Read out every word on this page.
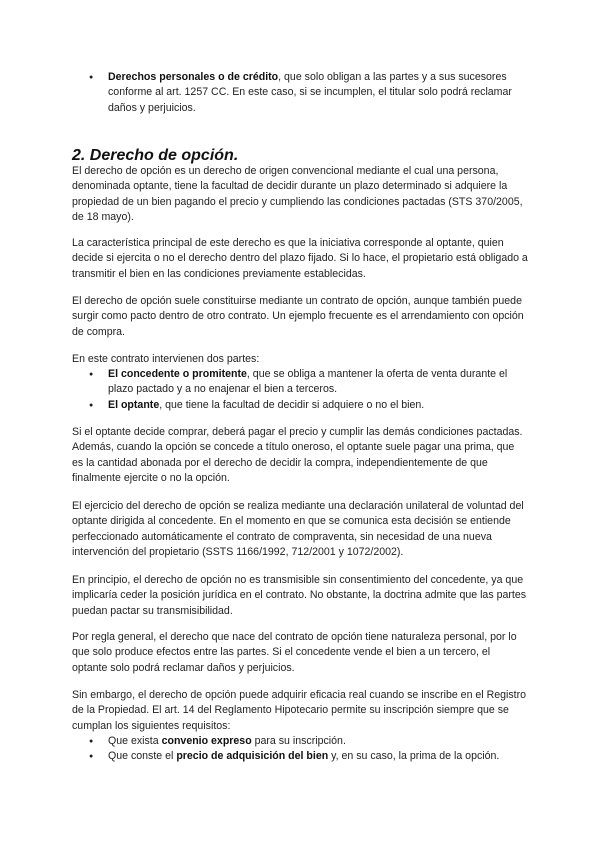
● Derechos personales o de crédito, que solo obligan a las partes y a sus sucesores conforme al art. 1257 CC. En este caso, si se incumplen, el titular solo podrá reclamar daños y perjuicios.
2. Derecho de opción.

El derecho de opción es un derecho de origen convencional mediante el cual una persona, denominada optante, tiene la facultad de decidir durante un plazo determinado si adquiere la propiedad de un bien pagando el precio y cumpliendo las condiciones pactadas (STS 370/2005, de 18 mayo).

La característica principal de este derecho es que la iniciativa corresponde al optante, quien decide si ejercita o no el derecho dentro del plazo fijado. Si lo hace, el propietario está obligado a transmitir el bien en las condiciones previamente establecidas.

El derecho de opción suele constituirse mediante un contrato de opción, aunque también puede surgir como pacto dentro de otro contrato. Un ejemplo frecuente es el arrendamiento con opción de compra.

En este contrato intervienen dos partes:

● El concedente o promitente, que se obliga a mantener la oferta de venta durante el plazo pactado y a no enajenar el bien a terceros.
● El optante, que tiene la facultad de decidir si adquiere o no el bien.

Si el optante decide comprar, deberá pagar el precio y cumplir las demás condiciones pactadas. Además, cuando la opción se concede a título oneroso, el optante suele pagar una prima, que es la cantidad abonada por el derecho de decidir la compra, independientemente de que finalmente ejercite o no la opción.

El ejercicio del derecho de opción se realiza mediante una declaración unilateral de voluntad del optante dirigida al concedente. En el momento en que se comunica esta decisión se entiende perfeccionado automáticamente el contrato de compraventa, sin necesidad de una nueva intervención del propietario (SSTS 1166/1992, 712/2001 y 1072/2002).

En principio, el derecho de opción no es transmisible sin consentimiento del concedente, ya que implicaría ceder la posición jurídica en el contrato. No obstante, la doctrina admite que las partes puedan pactar su transmisibilidad.

Por regla general, el derecho que nace del contrato de opción tiene naturaleza personal, por lo que solo produce efectos entre las partes. Si el concedente vende el bien a un tercero, el optante solo podrá reclamar daños y perjuicios.

Sin embargo, el derecho de opción puede adquirir eficacia real cuando se inscribe en el Registro de la Propiedad. El art. 14 del Reglamento Hipotecario permite su inscripción siempre que se cumplan los siguientes requisitos:

● Que exista convenio expreso para su inscripción.
● Que conste el precio de adquisición del bien y, en su caso, la prima de la opción.
